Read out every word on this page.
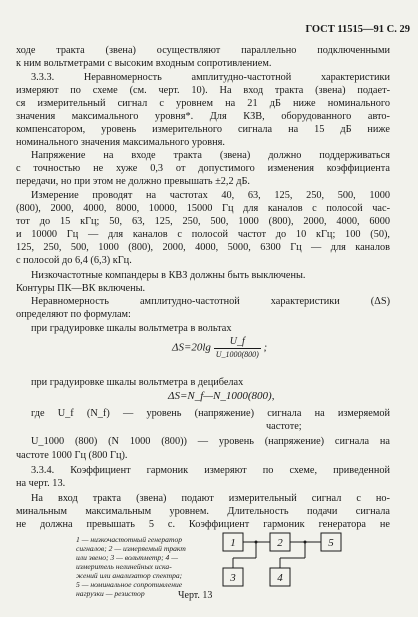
ГОСТ 11515—91 С. 29
ходе тракта (звена) осуществляют параллельно подключенными
к ним вольтметрами с высоким входным сопротивлением.
3.3.3. Неравномерность амплитудно-частотной характеристики
измеряют по схеме (см. черт. 10). На вход тракта (звена) подает-
ся измерительный сигнал с уровнем на 21 дБ ниже номинального
значения максимального уровня*. Для КЗВ, оборудованного авто-
компенсатором, уровень измерительного сигнала на 15 дБ ниже
номинального значения максимального уровня.
Напряжение на входе тракта (звена) должно поддерживаться
с точностью не хуже 0,3 от допустимого изменения коэффициента
передачи, но при этом не должно превышать ±2,2 дБ.
Измерение проводят на частотах 40, 63, 125, 250, 500, 1000
(800), 2000, 4000, 8000, 10000, 15000 Гц для каналов с полосой час-
тот до 15 кГц; 50, 63, 125, 250, 500, 1000 (800), 2000, 4000, 6000
и 10000 Гц — для каналов с полосой частот до 10 кГц; 100 (50),
125, 250, 500, 1000 (800), 2000, 4000, 5000, 6300 Гц — для каналов
с полосой до 6,4 (6,3) кГц.
Низкочастотные компандеры в КВЗ должны быть выключены.
Контуры ПК—ВК включены.
Неравномерность амплитудно-частотной характеристики (ΔS)
определяют по формулам:
при градуировке шкалы вольтметра в вольтах
$\Delta S=20\lg \frac{U\_f}{U\_1000(800)}$ ;
при градуировке шкалы вольтметра в децибелах
ΔS=N_f—N_1000(800),
где U_f (N_f) — уровень (напряжение) сигнала на измеряемой
частоте;
U_1000 (800) (N 1000 (800)) — уровень (напряжение) сигнала на
частоте 1000 Гц (800 Гц).
3.3.4. Коэффициент гармоник измеряют по схеме, приведенной
на черт. 13.
На вход тракта (звена) подают измерительный сигнал с но-
минальным максимальным уровнем. Длительность подачи сигнала
не должна превышать 5 с. Коэффициент гармоник генератора не
1 — низкочастотный генератор
сигналов; 2 — измеряемый тракт
или звено; 3 — вольтметр; 4 —
измеритель нелинейных иска-
жений или анализатор спектра;
5 — номинальное сопротивление
нагрузки — резистор
1	2	5
3	4
Черт. 13
